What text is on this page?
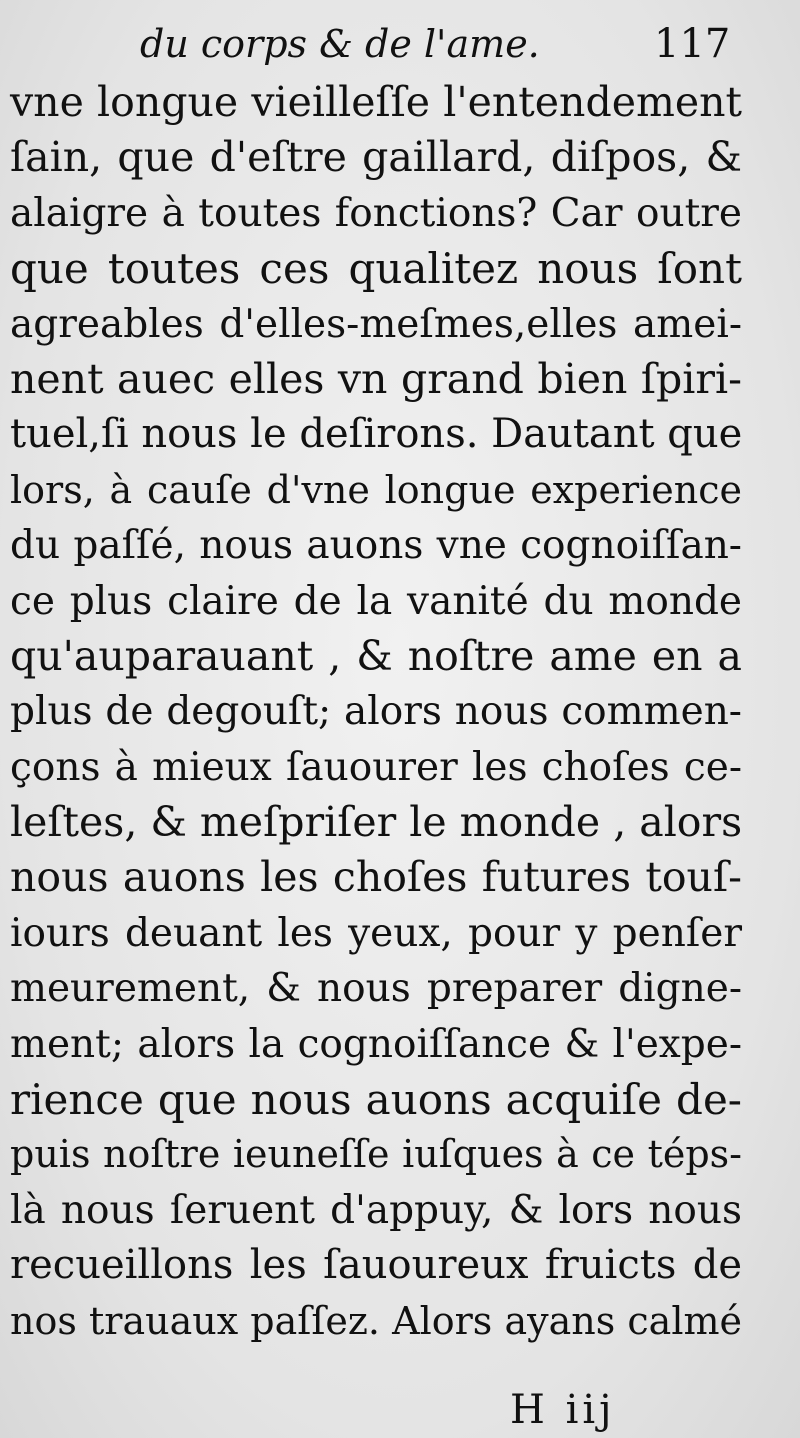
du corps & de l'ame.	117
vne longue vieilleſſe l'entendement
ſain, que d'eſtre gaillard, diſpos, &
alaigre à toutes fonctions? Car outre
que toutes ces qualitez nous ſont
agreables d'elles-meſmes,elles amei-
nent auec elles vn grand bien ſpiri-
tuel,ſi nous le deſirons. Dautant que
lors, à cauſe d'vne longue experience
du paſſé, nous auons vne cognoiſſan-
ce plus claire de la vanité du monde
qu'auparauant , & noſtre ame en a
plus de degouſt; alors nous commen-
çons à mieux ſauourer les choſes ce-
leſtes, & meſpriſer le monde , alors
nous auons les choſes futures touſ-
iours deuant les yeux, pour y penſer
meurement, & nous preparer digne-
ment; alors la cognoiſſance & l'expe-
rience que nous auons acquiſe de-
puis noſtre ieuneſſe iuſques à ce téps-
là nous ſeruent d'appuy, & lors nous
recueillons les ſauoureux fruicts de
nos trauaux paſſez. Alors ayans calmé
H iij
